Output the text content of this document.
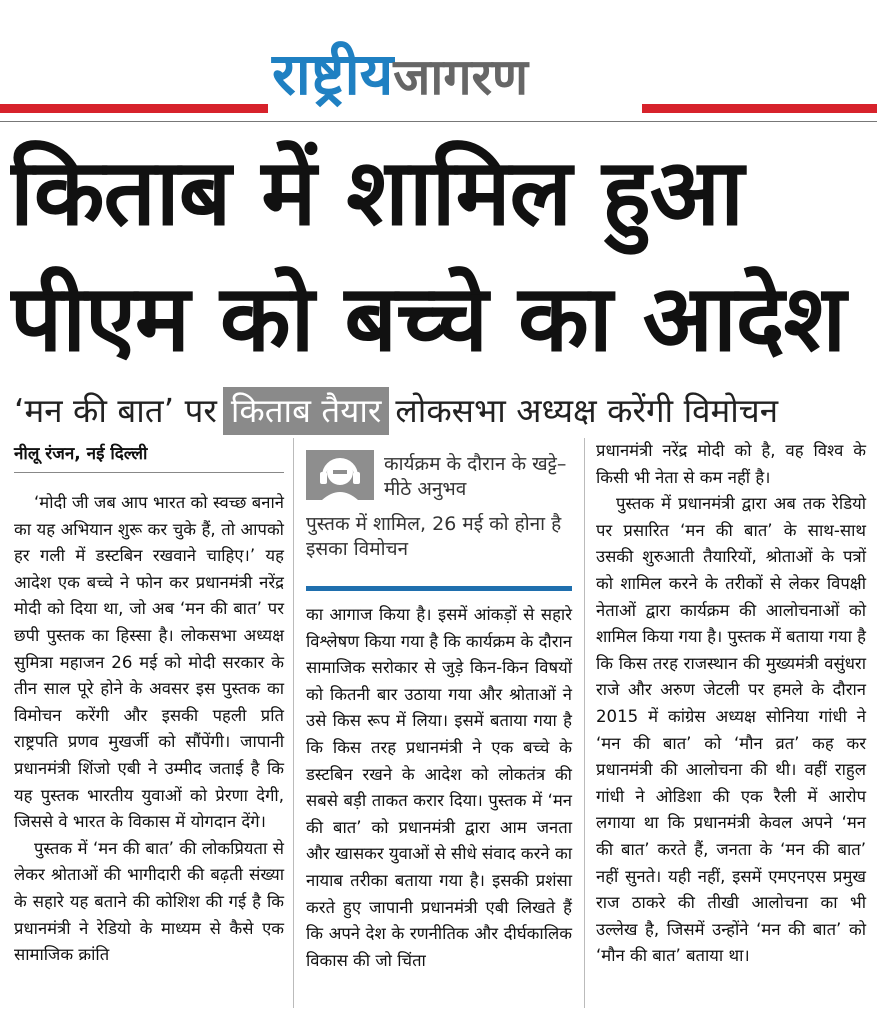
राष्ट्रीयजागरण
किताब में शामिल हुआ
पीएम को बच्चे का आदेश
‘मन की बात’ पर किताब तैयार लोकसभा अध्यक्ष करेंगी विमोचन
नीलू रंजन, नई दिल्ली

‘मोदी जी जब आप भारत को स्वच्छ बनाने का यह अभियान शुरू कर चुके हैं, तो आपको हर गली में डस्टबिन रखवाने चाहिए।’ यह आदेश एक बच्चे ने फोन कर प्रधानमंत्री नरेंद्र मोदी को दिया था, जो अब ‘मन की बात’ पर छपी पुस्तक का हिस्सा है। लोकसभा अध्यक्ष सुमित्रा महाजन 26 मई को मोदी सरकार के तीन साल पूरे होने के अवसर इस पुस्तक का विमोचन करेंगी और इसकी पहली प्रति राष्ट्रपति प्रणव मुखर्जी को सौंपेंगी। जापानी प्रधानमंत्री शिंजो एबी ने उम्मीद जताई है कि यह पुस्तक भारतीय युवाओं को प्रेरणा देगी, जिससे वे भारत के विकास में योगदान देंगे।

पुस्तक में ‘मन की बात’ की लोकप्रियता से लेकर श्रोताओं की भागीदारी की बढ़ती संख्या के सहारे यह बताने की कोशिश की गई है कि प्रधानमंत्री ने रेडियो के माध्यम से कैसे एक सामाजिक क्रांति

कार्यक्रम के दौरान के खट्टे–मीठे अनुभव
पुस्तक में शामिल, 26 मई को होना है इसका विमोचन

का आगाज किया है। इसमें आंकड़ों से सहारे विश्लेषण किया गया है कि कार्यक्रम के दौरान सामाजिक सरोकार से जुड़े किन-किन विषयों को कितनी बार उठाया गया और श्रोताओं ने उसे किस रूप में लिया। इसमें बताया गया है कि किस तरह प्रधानमंत्री ने एक बच्चे के डस्टबिन रखने के आदेश को लोकतंत्र की सबसे बड़ी ताकत करार दिया। पुस्तक में ‘मन की बात’ को प्रधानमंत्री द्वारा आम जनता और खासकर युवाओं से सीधे संवाद करने का नायाब तरीका बताया गया है। इसकी प्रशंसा करते हुए जापानी प्रधानमंत्री एबी लिखते हैं कि अपने देश के रणनीतिक और दीर्घकालिक विकास की जो चिंता

प्रधानमंत्री नरेंद्र मोदी को है, वह विश्व के किसी भी नेता से कम नहीं है।

पुस्तक में प्रधानमंत्री द्वारा अब तक रेडियो पर प्रसारित ‘मन की बात’ के साथ-साथ उसकी शुरुआती तैयारियों, श्रोताओं के पत्रों को शामिल करने के तरीकों से लेकर विपक्षी नेताओं द्वारा कार्यक्रम की आलोचनाओं को शामिल किया गया है। पुस्तक में बताया गया है कि किस तरह राजस्थान की मुख्यमंत्री वसुंधरा राजे और अरुण जेटली पर हमले के दौरान 2015 में कांग्रेस अध्यक्ष सोनिया गांधी ने ‘मन की बात’ को ‘मौन व्रत’ कह कर प्रधानमंत्री की आलोचना की थी। वहीं राहुल गांधी ने ओडिशा की एक रैली में आरोप लगाया था कि प्रधानमंत्री केवल अपने ‘मन की बात’ करते हैं, जनता के ‘मन की बात’ नहीं सुनते। यही नहीं, इसमें एमएनएस प्रमुख राज ठाकरे की तीखी आलोचना का भी उल्लेख है, जिसमें उन्होंने ‘मन की बात’ को ‘मौन की बात’ बताया था।
